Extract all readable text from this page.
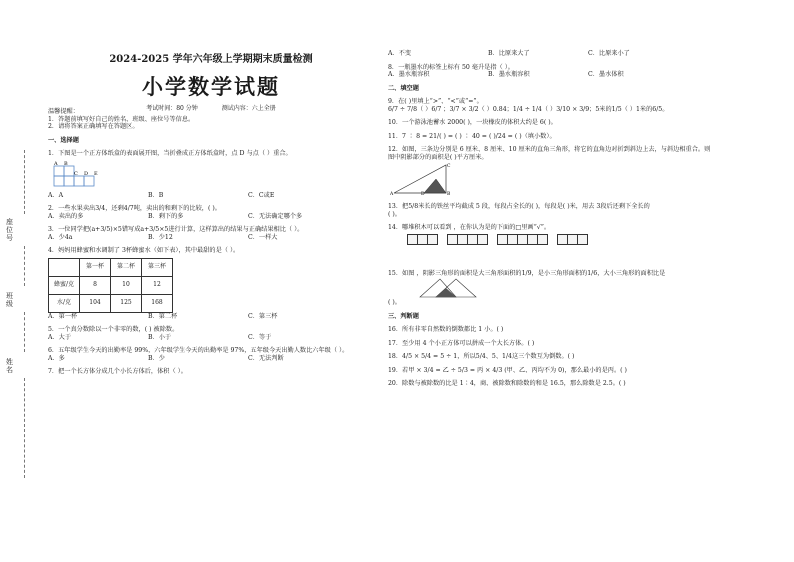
座位号
班级
姓名

2024-2025 学年六年级上学期期末质量检测

小学数学试题

考试时间：80 分钟	测试内容：六上全册

温馨提醒：

1．答题前填写好自己的姓名、班级、座位号等信息。

2．请将答案正确填写在答题区。

一、选择题

1．下图是一个正方体纸盒的表面展开图，当折叠成正方体纸盒时，点 D 与点（ ）重合。

A B
C D E
A．A	B．B	C．C或E

2．一些水果卖出3/4，还剩4/7吨，卖出的和剩下的比较，( )。

A．卖出的多	B．剩下的多	C．无法确定哪个多

3．一位同学把(a+3/5)×5错写成a+3/5×5进行计算，这样算出的结果与正确结果相比（ ）。

A．少4a	B．少12	C．一样大

4．妈妈用蜂蜜和水调制了 3杯蜂蜜水（如下表），其中最甜的是（ ）。

	第一杯	第二杯	第三杯
蜂蜜/克	8	10	12
水/克	104	125	168
A．第一杯	B．第二杯	C．第三杯

5．一个真分数除以一个非零的数，( ) 被除数。

A．大于	B．小于	C．等于

6．五年级学生今天的出勤率是 99%，六年级学生今天的出勤率是 97%，五年级今天出勤人数比六年级（ ）。

A．多	B．少	C．无法判断

7．把一个长方体分成几个小长方体后，体积（ ）。

A．不变	B．比原来大了	C．比原来小了

8．一瓶墨水的标签上标有 50 毫升是指（ ）。

A．墨水瓶容积	B．墨水瓶容积	C．墨水体积

二、填空题

9．在( )里填上“>”、“<”或“=”。

6/7 ÷ 7/8（ ）6/7 ；3/7 × 3/2（ ）0.84；1/4 ÷ 1/4（ ）3/10 × 3/9；5米的1/5（ ）1米的6/5。

10．一个游泳池蓄水 2000( )，一块橡皮的体积大约是 6( )。

11．7 ∶ 8 = 21/( ) = ( ) ∶ 40 = ( )/24 = ( )（填小数）。

12．如图，三条边分别是 6 厘米、8 厘米、10 厘米的直角三角形，将它的直角边对折到斜边上去，与斜边相重合。则

图中阴影部分的面积是( )平方厘米。

A	B
C
D

13．把5/8米长的铁丝平均截成 5 段，每段占全长的( )，每段是( )米，用去 3段后还剩下全长的

( )。

14．哪堆积木可以看到 ，在你认为是的下面的□里画“√”。

15．如图 ，阴影三角形的面积是大三角形面积的1/9，是小三角形面积的1/6，大小三角形的面积比是

( )。

三、判断题

16．所有非零自然数的倒数都比 1 小。( )

17．至少用 4 个小正方体可以拼成一个大长方体。( )

18．4/5 × 5/4 = 5 ÷ 1，所以5/4、5、1/4这三个数互为倒数。( )

19．若甲 × 3/4 = 乙 ÷ 5/3 = 丙 × 4/3 (甲、乙、丙均不为 0)，那么最小的是丙。( )

20．除数与被除数的比是 1∶4，商、被除数和除数的和是 16.5，那么除数是 2.5。( )
